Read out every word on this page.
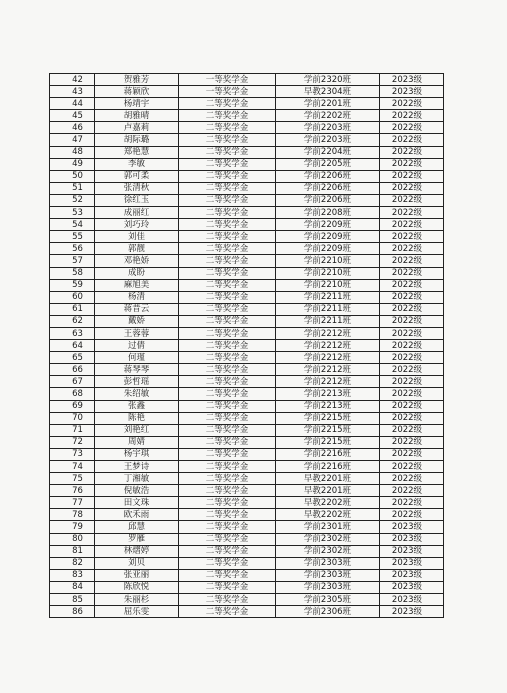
42	贺雅芳	一等奖学金	学前2320班	2023级
43	蒋颖欣	一等奖学金	早教2304班	2023级
44	杨靖宇	二等奖学金	学前2201班	2022级
45	胡雅晴	二等奖学金	学前2202班	2022级
46	卢嘉莉	二等奖学金	学前2203班	2022级
47	胡际璐	二等奖学金	学前2203班	2022级
48	郑艳慧	二等奖学金	学前2204班	2022级
49	李敏	二等奖学金	学前2205班	2022级
50	郭可柔	二等奖学金	学前2206班	2022级
51	张清秋	二等奖学金	学前2206班	2022级
52	徐红玉	二等奖学金	学前2206班	2022级
53	成丽红	二等奖学金	学前2208班	2022级
54	刘巧玲	二等奖学金	学前2209班	2022级
55	刘佳	二等奖学金	学前2209班	2022级
56	郭靓	二等奖学金	学前2209班	2022级
57	邓艳娇	二等奖学金	学前2210班	2022级
58	成盼	二等奖学金	学前2210班	2022级
59	麻旭美	二等奖学金	学前2210班	2022级
60	杨清	二等奖学金	学前2211班	2022级
61	蒋昔云	二等奖学金	学前2211班	2022级
62	戴娇	二等奖学金	学前2211班	2022级
63	王蓉蓉	二等奖学金	学前2212班	2022级
64	过倩	二等奖学金	学前2212班	2022级
65	何瑾	二等奖学金	学前2212班	2022级
66	蒋琴琴	二等奖学金	学前2212班	2022级
67	彭哲瑶	二等奖学金	学前2212班	2022级
68	朱绍敏	二等奖学金	学前2213班	2022级
69	张鑫	二等奖学金	学前2213班	2022级
70	陈艳	二等奖学金	学前2215班	2022级
71	刘艳红	二等奖学金	学前2215班	2022级
72	周婧	二等奖学金	学前2215班	2022级
73	杨宇琪	二等奖学金	学前2216班	2022级
74	王梦诗	二等奖学金	学前2216班	2022级
75	丁湘敏	二等奖学金	早教2201班	2022级
76	倪敏浩	二等奖学金	早教2201班	2022级
77	田文珠	二等奖学金	早教2202班	2022级
78	欧禾雨	二等奖学金	早教2202班	2022级
79	邱慧	二等奖学金	学前2301班	2023级
80	罗雁	二等奖学金	学前2302班	2023级
81	林熠婷	二等奖学金	学前2302班	2023级
82	刘贝	二等奖学金	学前2303班	2023级
83	张亚丽	二等奖学金	学前2303班	2023级
84	陈欣悦	二等奖学金	学前2303班	2023级
85	朱丽杉	二等奖学金	学前2305班	2023级
86	屈乐雯	二等奖学金	学前2306班	2023级
